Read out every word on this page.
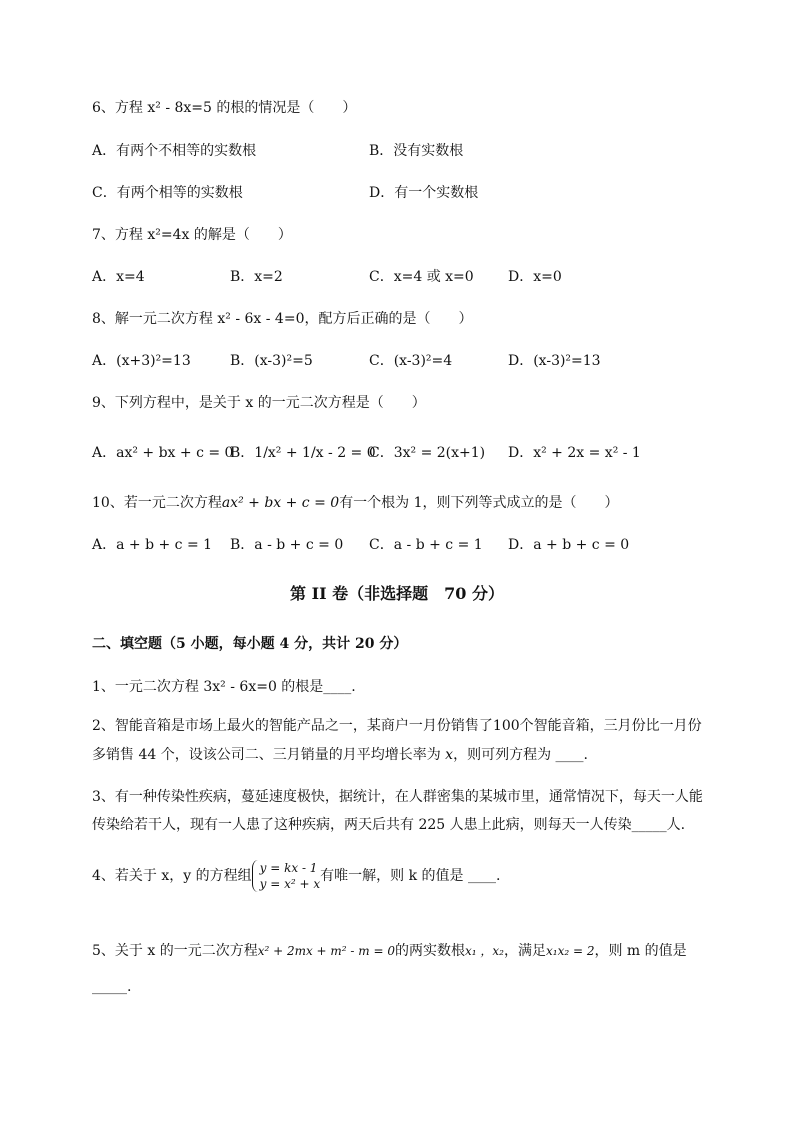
6、方程 x² - 8x=5 的根的情况是（　　）
A．有两个不相等的实数根	B．没有实数根
C．有两个相等的实数根	D．有一个实数根
7、方程 x²=4x 的解是（　　）
A．x=4	B．x=2	C．x=4 或 x=0 D．x=0
8、解一元二次方程 x² - 6x - 4=0，配方后正确的是（　　）
A．(x+3)²=13	B．(x-3)²=5	C．(x-3)²=4	D．(x-3)²=13
9、下列方程中，是关于 x 的一元二次方程是（　　）
A．ax² + bx + c = 0
B．1/x² + 1/x - 2 = 0
C．3x² = 2(x+1) D．x² + 2x = x² - 1
10、若一元二次方程ax² + bx + c = 0有一个根为 1，则下列等式成立的是（　　）
A．a + b + c = 1 B．a - b + c = 0 C．a - b + c = 1 D．a + b + c = 0
第 II 卷（非选择题　70 分）
二、填空题（5 小题，每小题 4 分，共计 20 分）
1、一元二次方程 3x² - 6x=0 的根是____.
2、智能音箱是市场上最火的智能产品之一，某商户一月份销售了100个智能音箱，三月份比一月份
多销售 44 个，设该公司二、三月销量的月平均增长率为 x，则可列方程为 ____.
3、有一种传染性疾病，蔓延速度极快，据统计，在人群密集的某城市里，通常情况下，每天一人能
传染给若干人，现有一人患了这种疾病，两天后共有 225 人患上此病，则每天一人传染_____人.
4、若关于 x，y 的方程组 y = kx - 1
y = x² + x 有唯一解，则 k 的值是 ____.
5、关于 x 的一元二次方程x² + 2mx + m² - m = 0的两实数根x₁ ，x₂，满足x₁x₂ = 2，则 m 的值是
_____.
